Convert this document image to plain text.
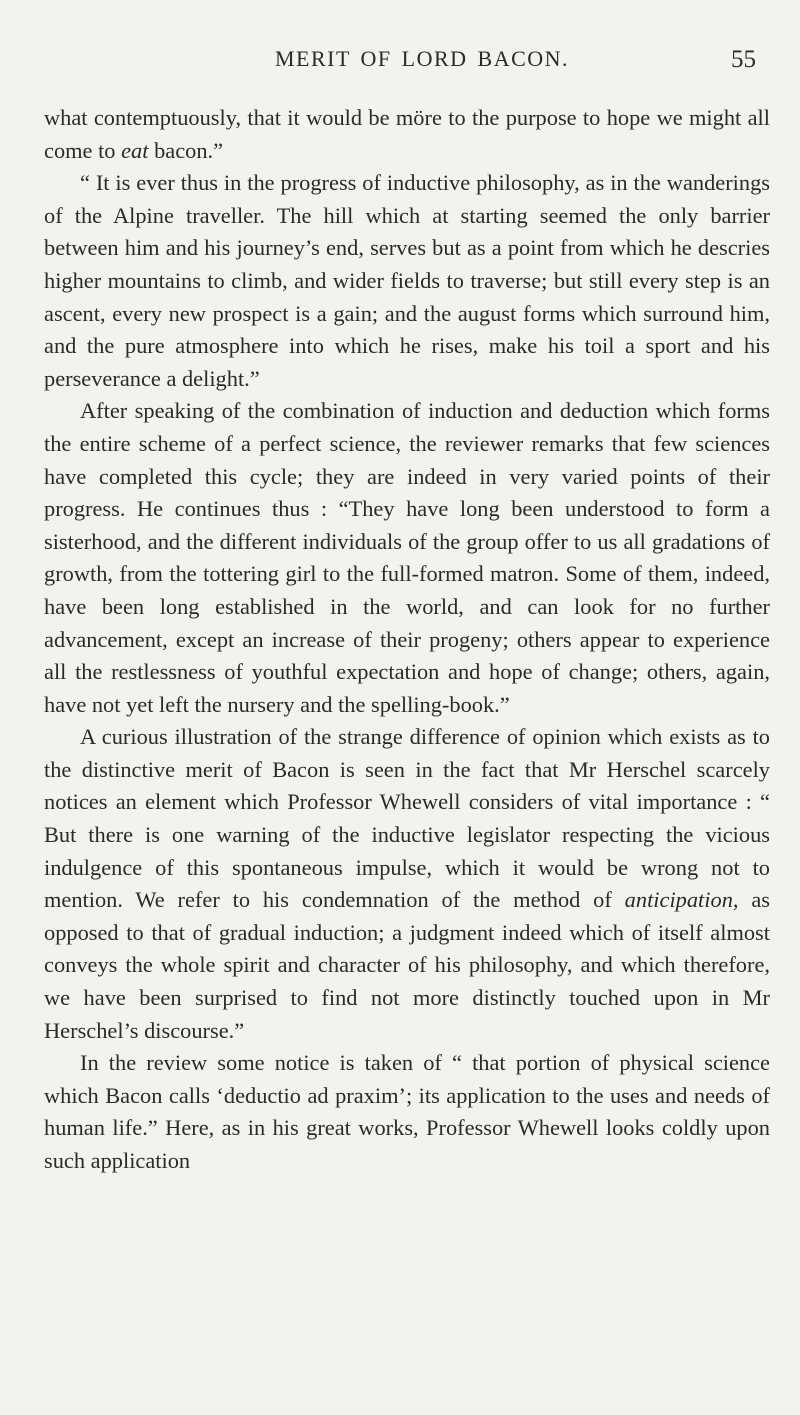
MERIT OF LORD BACON.	55

what contemptuously, that it would be möre to the purpose to hope we might all come to eat bacon.”

“ It is ever thus in the progress of inductive philosophy, as in the wanderings of the Alpine traveller. The hill which at starting seemed the only barrier between him and his journey’s end, serves but as a point from which he descries higher mountains to climb, and wider fields to traverse; but still every step is an ascent, every new prospect is a gain; and the august forms which surround him, and the pure atmosphere into which he rises, make his toil a sport and his perseverance a delight.”

After speaking of the combination of induction and deduction which forms the entire scheme of a perfect science, the reviewer remarks that few sciences have completed this cycle; they are indeed in very varied points of their progress. He continues thus : “They have long been understood to form a sisterhood, and the different individuals of the group offer to us all gradations of growth, from the tottering girl to the full-formed matron. Some of them, indeed, have been long established in the world, and can look for no further advancement, except an increase of their progeny; others appear to experience all the restlessness of youthful expectation and hope of change; others, again, have not yet left the nursery and the spelling-book.”

A curious illustration of the strange difference of opinion which exists as to the distinctive merit of Bacon is seen in the fact that Mr Herschel scarcely notices an element which Professor Whewell considers of vital importance : “ But there is one warning of the inductive legislator respecting the vicious indulgence of this spontaneous impulse, which it would be wrong not to mention. We refer to his condemnation of the method of anticipation, as opposed to that of gradual induction; a judgment indeed which of itself almost conveys the whole spirit and character of his philosophy, and which therefore, we have been surprised to find not more distinctly touched upon in Mr Herschel’s discourse.”

In the review some notice is taken of “ that portion of physical science which Bacon calls ‘deductio ad praxim’; its application to the uses and needs of human life.” Here, as in his great works, Professor Whewell looks coldly upon such application
